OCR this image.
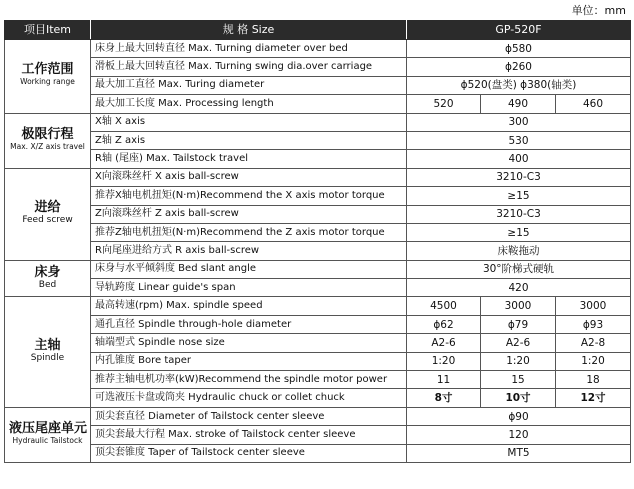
单位：mm
项目Item	规 格 Size	GP-520F		

工作范围
Working range	床身上最大回转直径 Max. Turning diameter over bed	ϕ580		
	滑板上最大回转直径 Max. Turning swing dia.over carriage	ϕ260		
	最大加工直径 Max. Turing diameter	ϕ520(盘类) ϕ380(轴类)		
	最大加工长度 Max. Processing length	520	490	460

极限行程
Max. X/Z axis travel	X轴 X axis	300		
	Z轴 Z axis	530		
	R轴 (尾座) Max. Tailstock travel	400		

进给
Feed screw	X向滚珠丝杆 X axis ball-screw	3210-C3		
	推荐X轴电机扭矩(N·m)Recommend the X axis motor torque	≥15		
	Z向滚珠丝杆 Z axis ball-screw	3210-C3		
	推荐Z轴电机扭矩(N·m)Recommend the Z axis motor torque	≥15		
	R向尾座进给方式 R axis ball-screw	床鞍拖动		

床身
Bed	床身与水平倾斜度 Bed slant angle	30°阶梯式硬轨		
	导轨跨度 Linear guide's span	420		

主轴
Spindle	最高转速(rpm) Max. spindle speed	4500	3000	3000
	通孔直径 Spindle through-hole diameter	ϕ62	ϕ79	ϕ93
	轴端型式 Spindle nose size	A2-6	A2-6	A2-8
	内孔锥度 Bore taper	1:20	1:20	1:20
	推荐主轴电机功率(kW)Recommend the spindle motor power	11	15	18
	可选液压卡盘或筒夹 Hydraulic chuck or collet chuck	8寸	10寸	12寸

液压尾座单元
Hydraulic Tailstock	顶尖套直径 Diameter of Tailstock center sleeve	ϕ90		
	顶尖套最大行程 Max. stroke of Tailstock center sleeve	120		
	顶尖套锥度 Taper of Tailstock center sleeve	MT5		
